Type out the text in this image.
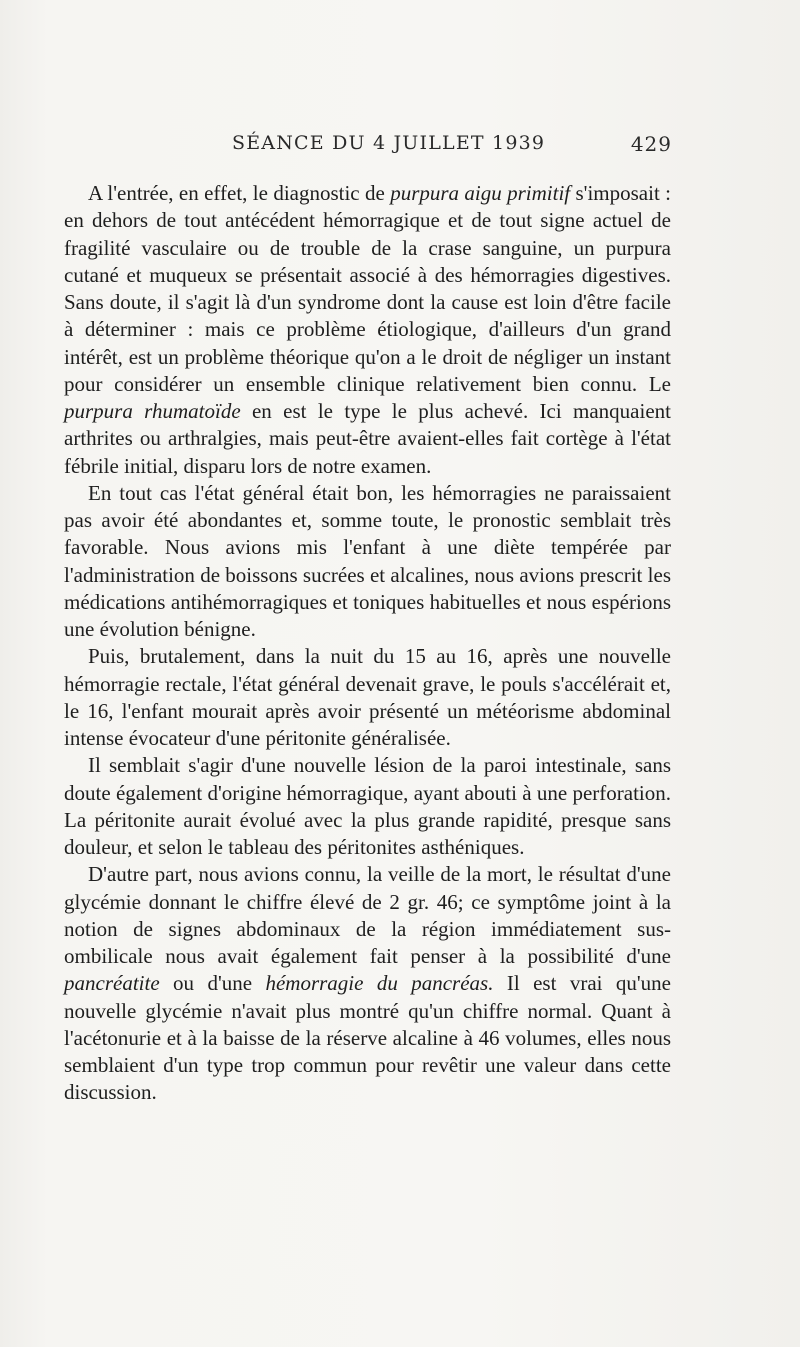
SÉANCE DU 4 JUILLET 1939	429

A l'entrée, en effet, le diagnostic de purpura aigu primitif s'imposait : en dehors de tout antécédent hémorragique et de tout signe actuel de fragilité vasculaire ou de trouble de la crase sanguine, un purpura cutané et muqueux se présentait associé à des hémorragies digestives. Sans doute, il s'agit là d'un syndrome dont la cause est loin d'être facile à déterminer : mais ce problème étiologique, d'ailleurs d'un grand intérêt, est un problème théorique qu'on a le droit de négliger un instant pour considérer un ensemble clinique relativement bien connu. Le purpura rhumatoïde en est le type le plus achevé. Ici manquaient arthrites ou arthralgies, mais peut-être avaient-elles fait cortège à l'état fébrile initial, disparu lors de notre examen.

En tout cas l'état général était bon, les hémorragies ne paraissaient pas avoir été abondantes et, somme toute, le pronostic semblait très favorable. Nous avions mis l'enfant à une diète tempérée par l'administration de boissons sucrées et alcalines, nous avions prescrit les médications antihémorragiques et toniques habituelles et nous espérions une évolution bénigne.

Puis, brutalement, dans la nuit du 15 au 16, après une nouvelle hémorragie rectale, l'état général devenait grave, le pouls s'accélérait et, le 16, l'enfant mourait après avoir présenté un météorisme abdominal intense évocateur d'une péritonite généralisée.

Il semblait s'agir d'une nouvelle lésion de la paroi intestinale, sans doute également d'origine hémorragique, ayant abouti à une perforation. La péritonite aurait évolué avec la plus grande rapidité, presque sans douleur, et selon le tableau des péritonites asthéniques.

D'autre part, nous avions connu, la veille de la mort, le résultat d'une glycémie donnant le chiffre élevé de 2 gr. 46; ce symptôme joint à la notion de signes abdominaux de la région immédiatement sus-ombilicale nous avait également fait penser à la possibilité d'une pancréatite ou d'une hémorragie du pancréas. Il est vrai qu'une nouvelle glycémie n'avait plus montré qu'un chiffre normal. Quant à l'acétonurie et à la baisse de la réserve alcaline à 46 volumes, elles nous semblaient d'un type trop commun pour revêtir une valeur dans cette discussion.
